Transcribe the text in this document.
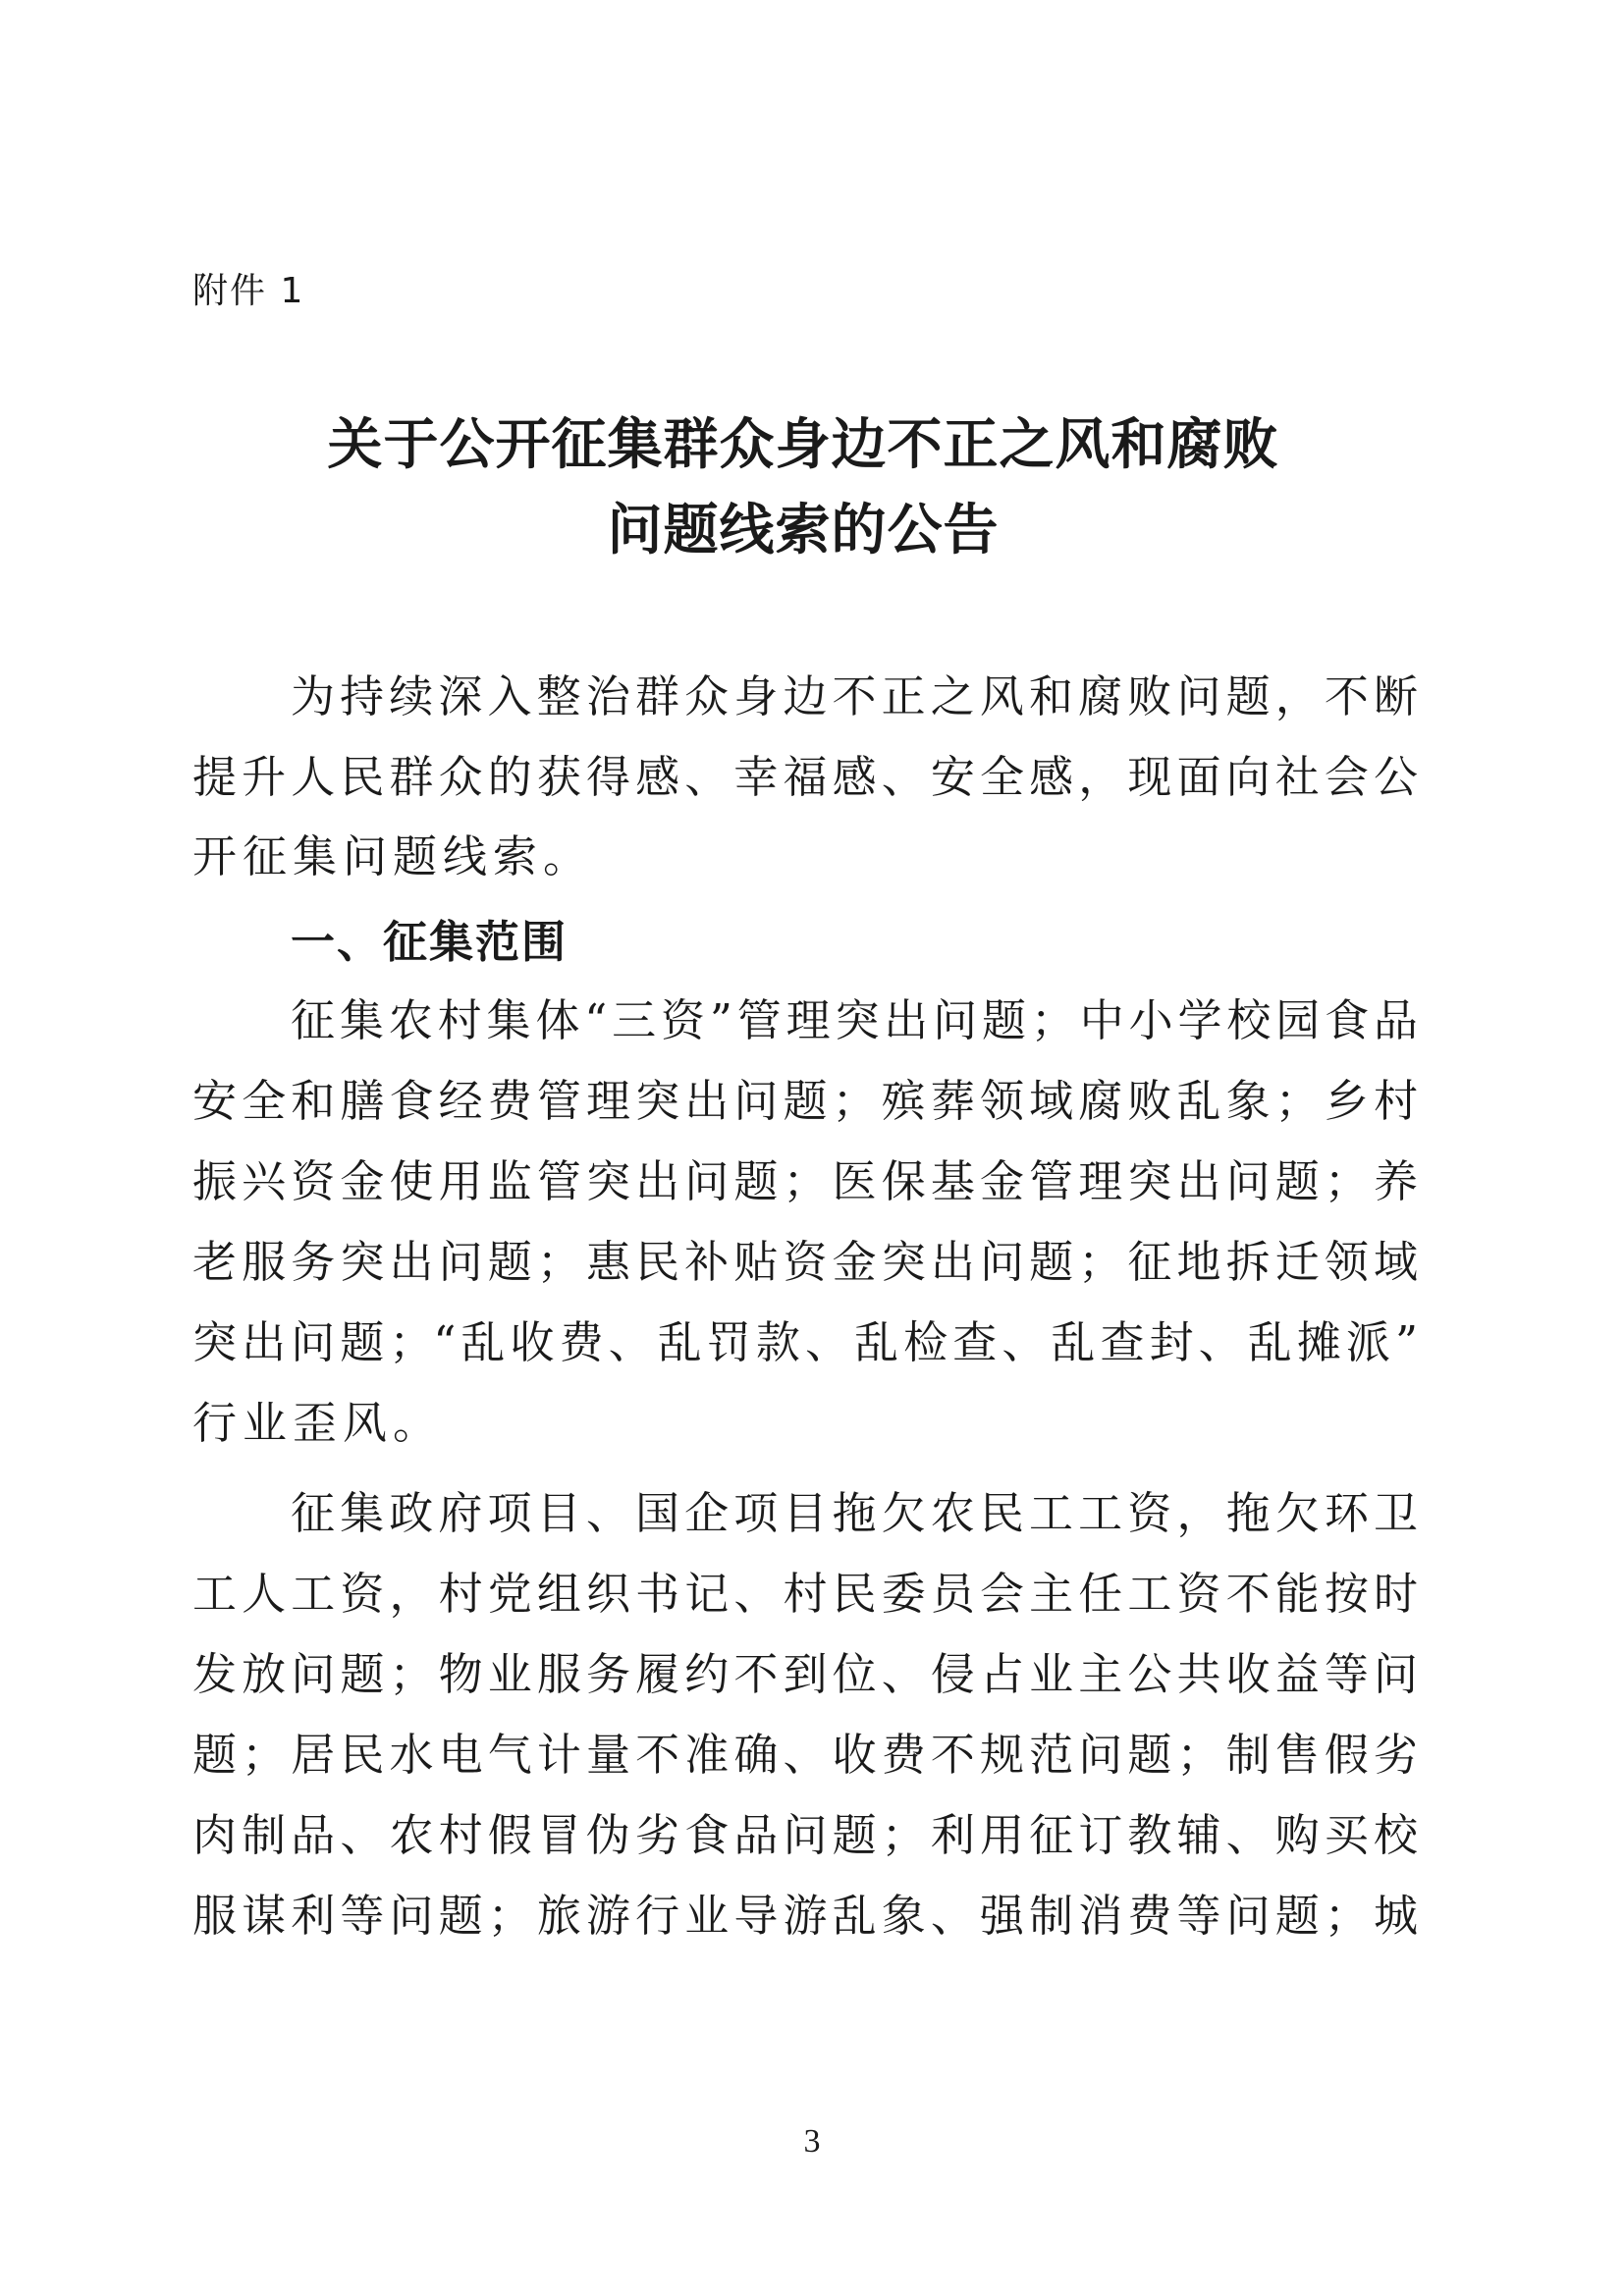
附件 1
关于公开征集群众身边不正之风和腐败
问题线索的公告
为持续深入整治群众身边不正之风和腐败问题，不断
提升人民群众的获得感、幸福感、安全感，现面向社会公
开征集问题线索。
一、征集范围
征集农村集体“三资”管理突出问题；中小学校园食品
安全和膳食经费管理突出问题；殡葬领域腐败乱象；乡村
振兴资金使用监管突出问题；医保基金管理突出问题；养
老服务突出问题；惠民补贴资金突出问题；征地拆迁领域
突出问题；“乱收费、乱罚款、乱检查、乱查封、乱摊派”
行业歪风。
征集政府项目、国企项目拖欠农民工工资，拖欠环卫
工人工资，村党组织书记、村民委员会主任工资不能按时
发放问题；物业服务履约不到位、侵占业主公共收益等问
题；居民水电气计量不准确、收费不规范问题；制售假劣
肉制品、农村假冒伪劣食品问题；利用征订教辅、购买校
服谋利等问题；旅游行业导游乱象、强制消费等问题；城
3
